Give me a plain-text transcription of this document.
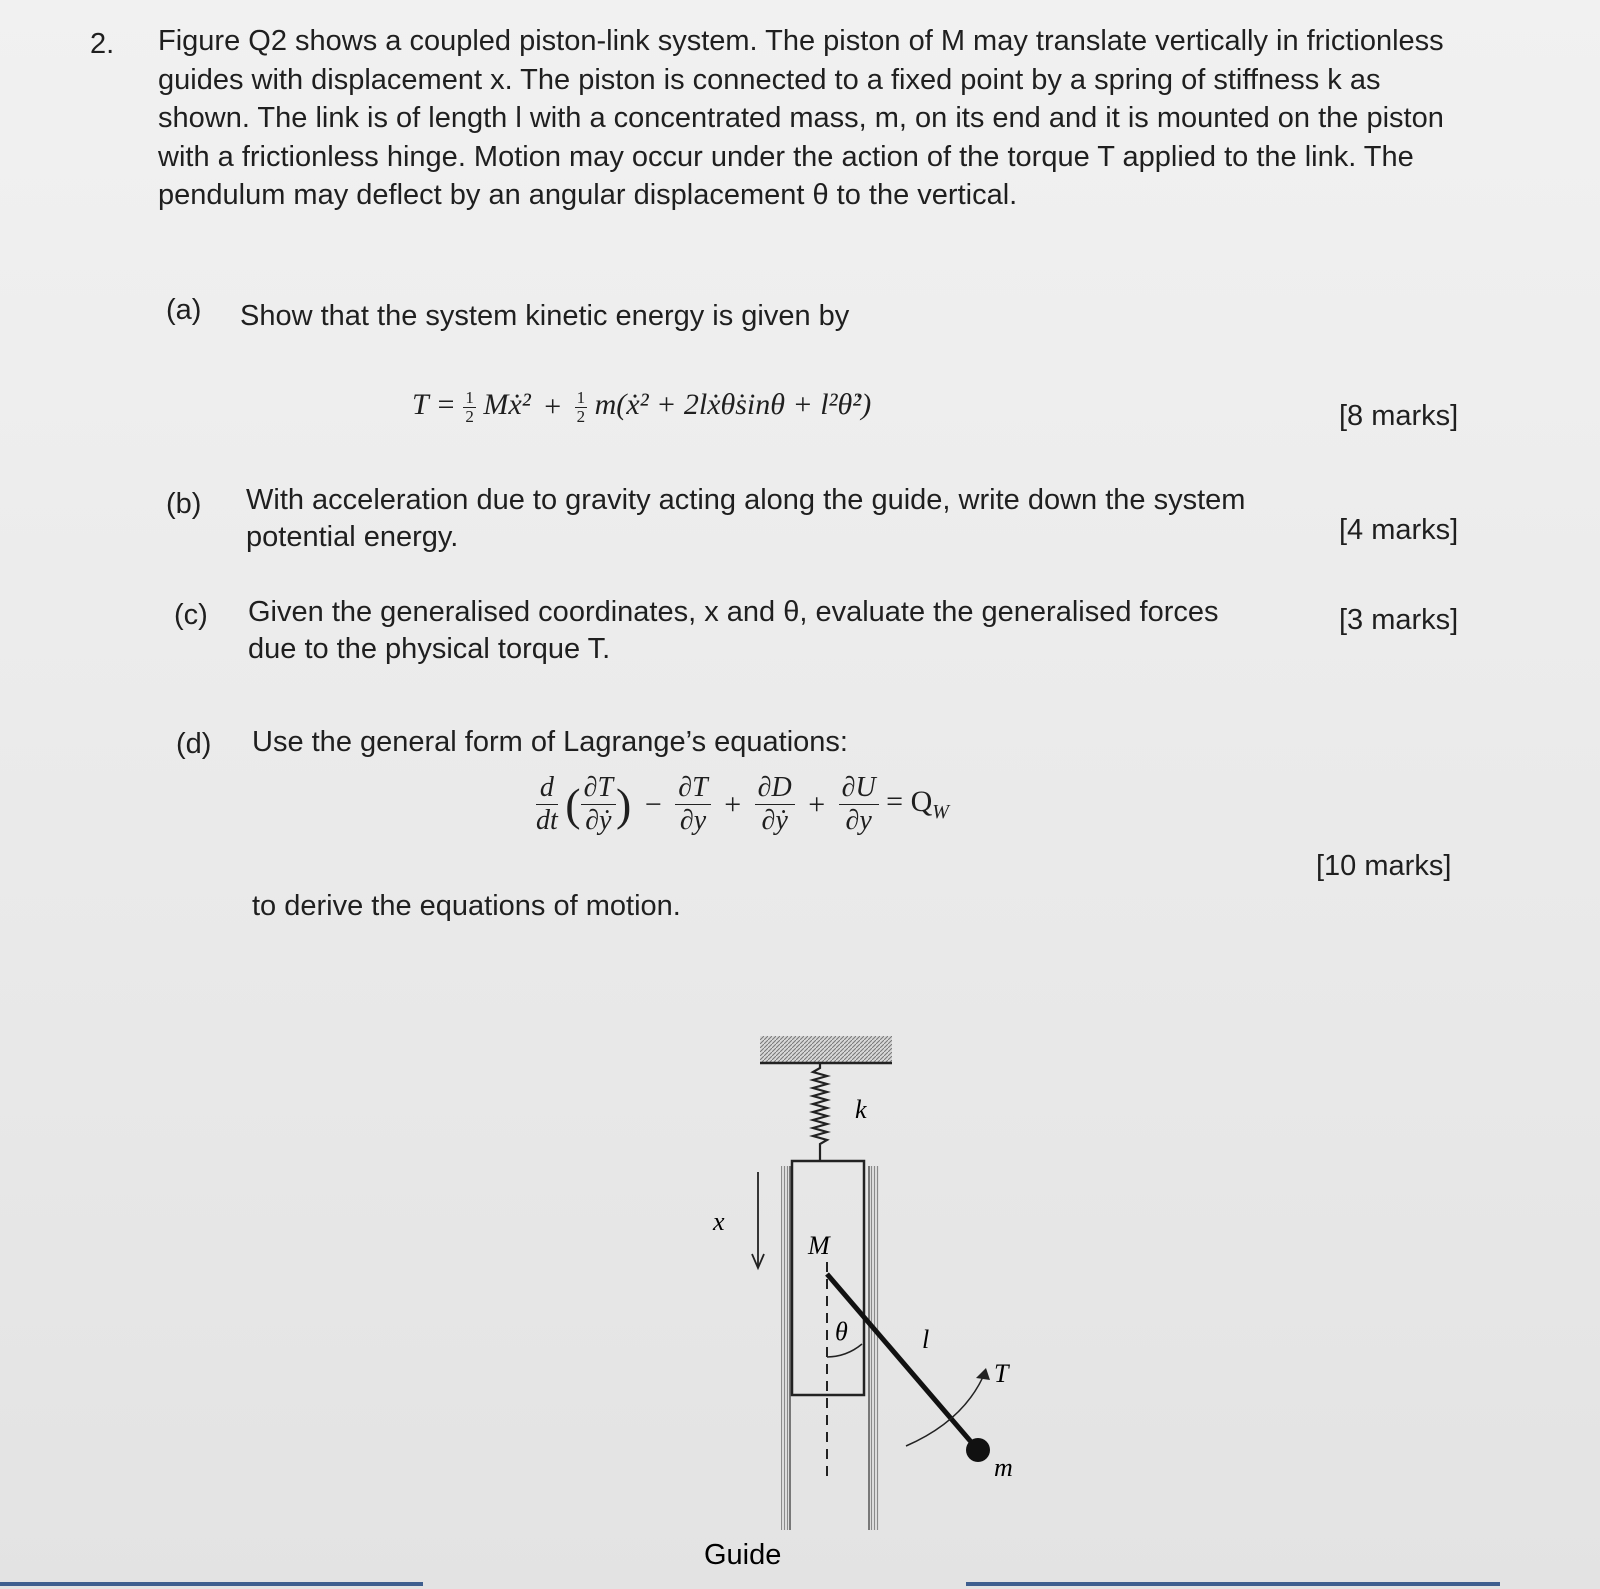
2. Figure Q2 shows a coupled piston-link system. The piston of M may translate vertically in frictionless guides with displacement x. The piston is connected to a fixed point by a spring of stiffness k as shown. The link is of length l with a concentrated mass, m, on its end and it is mounted on the piston with a frictionless hinge. Motion may occur under the action of the torque T applied to the link. The pendulum may deflect by an angular displacement θ to the vertical.
(a) Show that the system kinetic energy is given by
$T = \frac{1}{2}$ Mẋ² + $\frac{1}{2}$ m(ẋ² + 2lẋθ̇sinθ + l²θ̇²)	[8 marks]
(b) With acceleration due to gravity acting along the guide, write down the system potential energy.	[4 marks]
(c) Given the generalised coordinates, x and θ, evaluate the generalised forces due to the physical torque T.
[3 marks]
(d) Use the general form of Lagrange’s equations:
$\frac{d}{dt}$ ( $\frac{\partial T}{\text{∂ẏ}}$ ) − $\frac{\partial T}{\partial y} + \frac{\partial D}{\text{∂ẏ}} + \frac{\partial U}{\partial y} = Q_W$
[10 marks]
to derive the equations of motion.
k
x
M
θ	l
T
m
Guide
